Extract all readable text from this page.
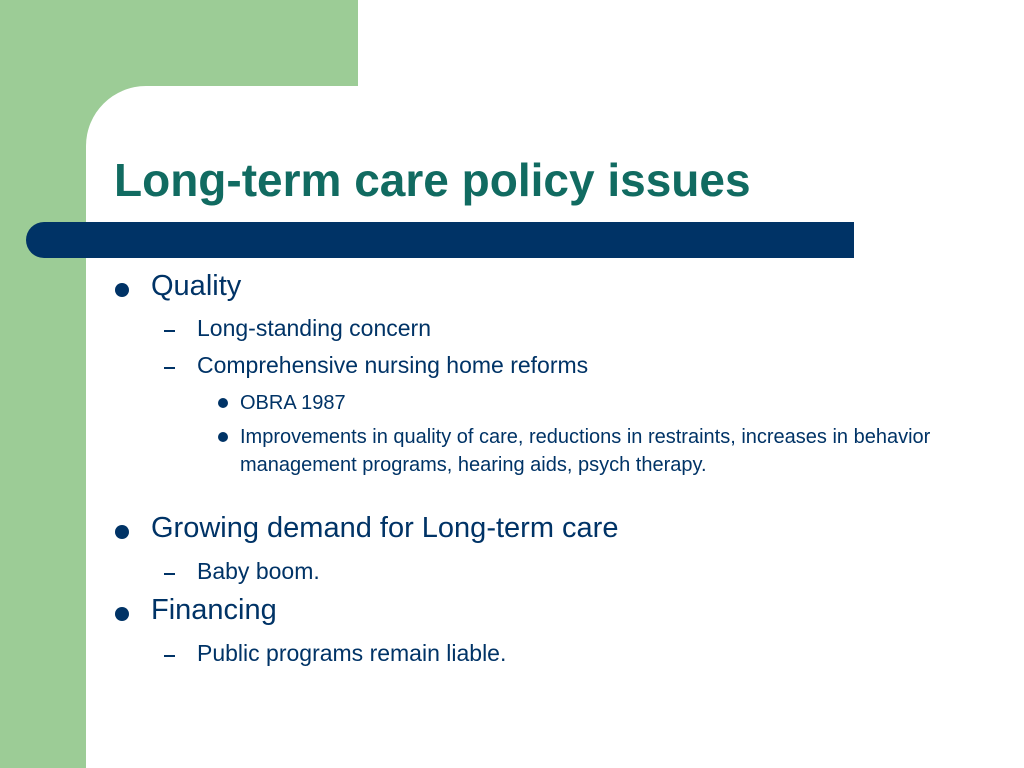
Long-term care policy issues
Quality
Long-standing concern
Comprehensive nursing home reforms
OBRA 1987
Improvements in quality of care, reductions in restraints, increases in behavior management programs, hearing aids, psych therapy.
Growing demand for Long-term care
Baby boom.
Financing
Public programs remain liable.
